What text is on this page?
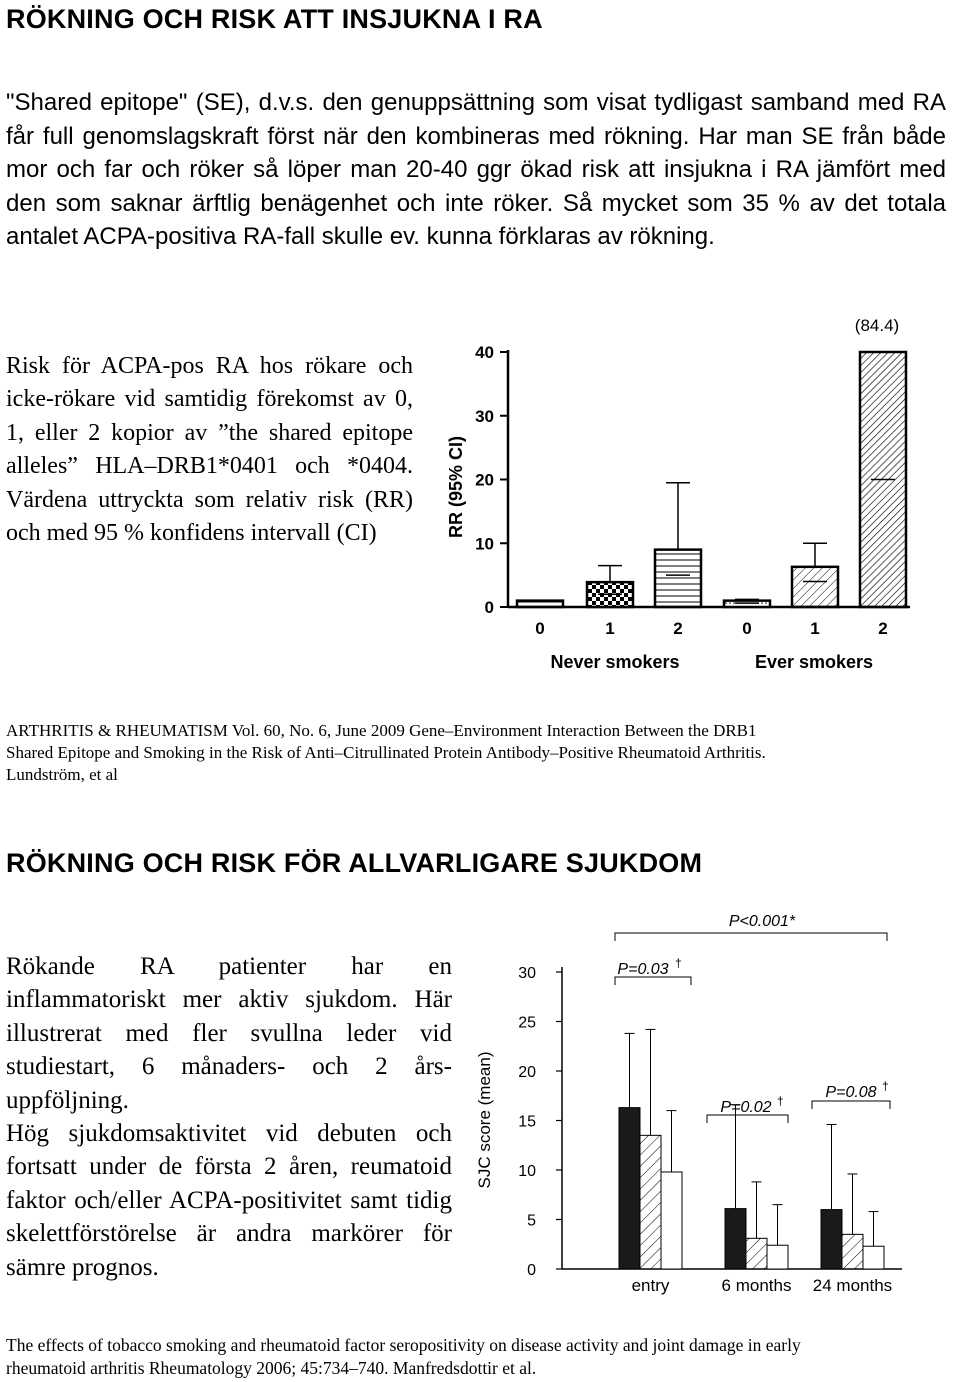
RÖKNING OCH RISK ATT INSJUKNA I RA
"Shared epitope" (SE), d.v.s. den genuppsättning som visat tydligast samband med RA får full genomslagskraft först när den kombineras med rökning. Har man SE från både mor och far och röker så löper man 20-40 ggr ökad risk att insjukna i RA jämfört med den som saknar ärftlig benägenhet och inte röker. Så mycket som 35 % av det totala antalet ACPA-positiva RA-fall skulle ev. kunna förklaras av rökning.
Risk för ACPA-pos RA hos rökare och icke-rökare vid samtidig förekomst av 0, 1, eller 2 kopior av ”the shared epitope alleles” HLA–DRB1*0401 och *0404. Värdena uttryckta som relativ risk (RR) och med 95 % konfidens intervall (CI)	RR (95% CI)
0
10
20
30
40
0	1	2	0	1	2
(84.4)
Never smokers	Ever smokers
ARTHRITIS & RHEUMATISM Vol. 60, No. 6, June 2009 Gene–Environment Interaction Between the DRB1
Shared Epitope and Smoking in the Risk of Anti–Citrullinated Protein Antibody–Positive Rheumatoid Arthritis.
Lundström, et al
RÖKNING OCH RISK FÖR ALLVARLIGARE SJUKDOM
Rökande RA patienter har en inflammatoriskt mer aktiv sjukdom. Här illustrerat med fler svullna leder vid studiestart, 6 månaders- och 2 års-uppföljning.
Hög sjukdomsaktivitet vid debuten och fortsatt under de första 2 åren, reumatoid faktor och/eller ACPA-positivitet samt tidig skelettförstörelse är andra markörer för sämre prognos.
SJC score (mean)
0
5
10
15
20
25
30
entry	6 months 24 months
P<0.001*
P=0.03 †
P=0.02 †	P=0.08 †
The effects of tobacco smoking and rheumatoid factor seropositivity on disease activity and joint damage in early
rheumatoid arthritis Rheumatology 2006; 45:734–740. Manfredsdottir et al.
